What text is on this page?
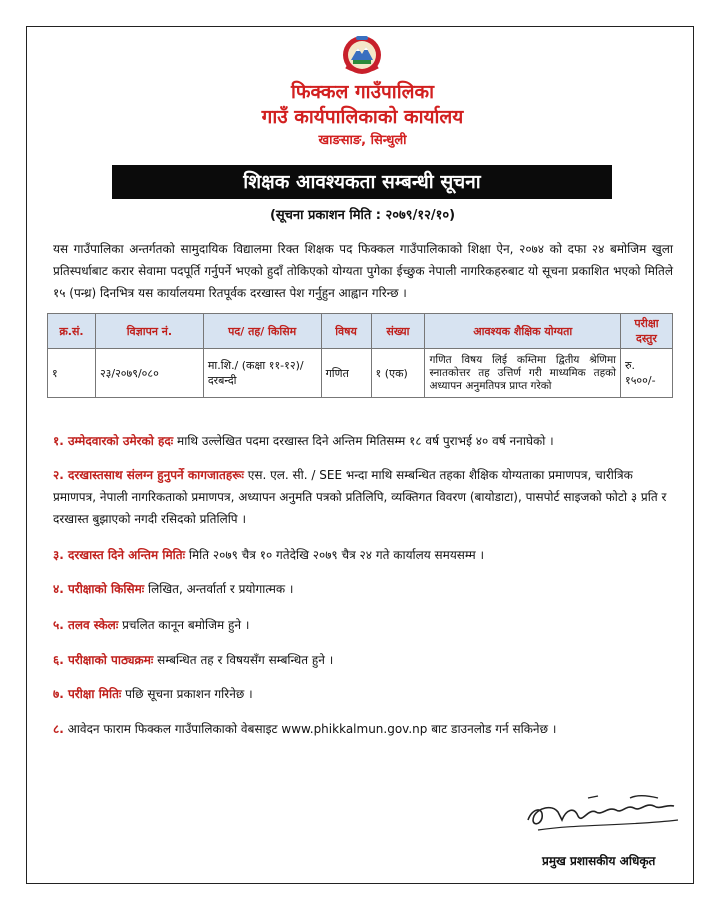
फिक्कल गाउँपालिका
गाउँ कार्यपालिकाको कार्यालय
खाङसाङ, सिन्धुली
शिक्षक आवश्यकता सम्बन्धी सूचना
(सूचना प्रकाशन मिति : २०७९/१२/१०)
यस गाउँपालिका अन्तर्गतको सामुदायिक विद्यालमा रिक्त शिक्षक पद फिक्कल गाउँपालिकाको शिक्षा ऐन, २०७४ को दफा २४ बमोजिम खुला प्रतिस्पर्धाबाट करार सेवामा पदपूर्ति गर्नुपर्ने भएको हुदाँ तोकिएको योग्यता पुगेका ईच्छुक नेपाली नागरिकहरुबाट यो सूचना प्रकाशित भएको मितिले १५ (पन्ध्र) दिनभित्र यस कार्यालयमा रितपूर्वक दरखास्त पेश गर्नुहुन आह्वान गरिन्छ ।
क्र.सं.	विज्ञापन नं.	पद/ तह/ किसिम	विषय	संख्या	आवश्यक शैक्षिक योग्यता	परीक्षा दस्तुर
१	२३/२०७९/०८०	मा.शि./ (कक्षा ११-१२)/ दरबन्दी	गणित	१ (एक)	गणित विषय लिई कम्तिमा द्वितीय श्रेणिमा स्नातकोत्तर तह उत्तिर्ण गरी माध्यमिक तहको अध्यापन अनुमतिपत्र प्राप्त गरेको	रु. १५००/-
१. उम्मेदवारको उमेरको हदः माथि उल्लेखित पदमा दरखास्त दिने अन्तिम मितिसम्म १८ वर्ष पुराभई ४० वर्ष ननाघेको ।
२. दरखास्तसाथ संलग्न हुनुपर्ने कागजातहरूः एस. एल. सी. / SEE भन्दा माथि सम्बन्धित तहका शैक्षिक योग्यताका प्रमाणपत्र, चारीत्रिक प्रमाणपत्र, नेपाली नागरिकताको प्रमाणपत्र, अध्यापन अनुमति पत्रको प्रतिलिपि, व्यक्तिगत विवरण (बायोडाटा), पासपोर्ट साइजको फोटो ३ प्रति र दरखास्त बुझाएको नगदी रसिदको प्रतिलिपि ।
३. दरखास्त दिने अन्तिम मितिः मिति २०७९ चैत्र १० गतेदेखि २०७९ चैत्र २४ गते कार्यालय समयसम्म ।
४. परीक्षाको किसिमः लिखित, अन्तर्वार्ता र प्रयोगात्मक ।
५. तलव स्केलः प्रचलित कानून बमोजिम हुने ।
६. परीक्षाको पाठ्यक्रमः सम्बन्धित तह र विषयसँग सम्बन्धित हुने ।
७. परीक्षा मितिः पछि सूचना प्रकाशन गरिनेछ ।
८. आवेदन फाराम फिक्कल गाउँपालिकाको वेबसाइट www.phikkalmun.gov.np बाट डाउनलोड गर्न सकिनेछ ।
प्रमुख प्रशासकीय अधिकृत
